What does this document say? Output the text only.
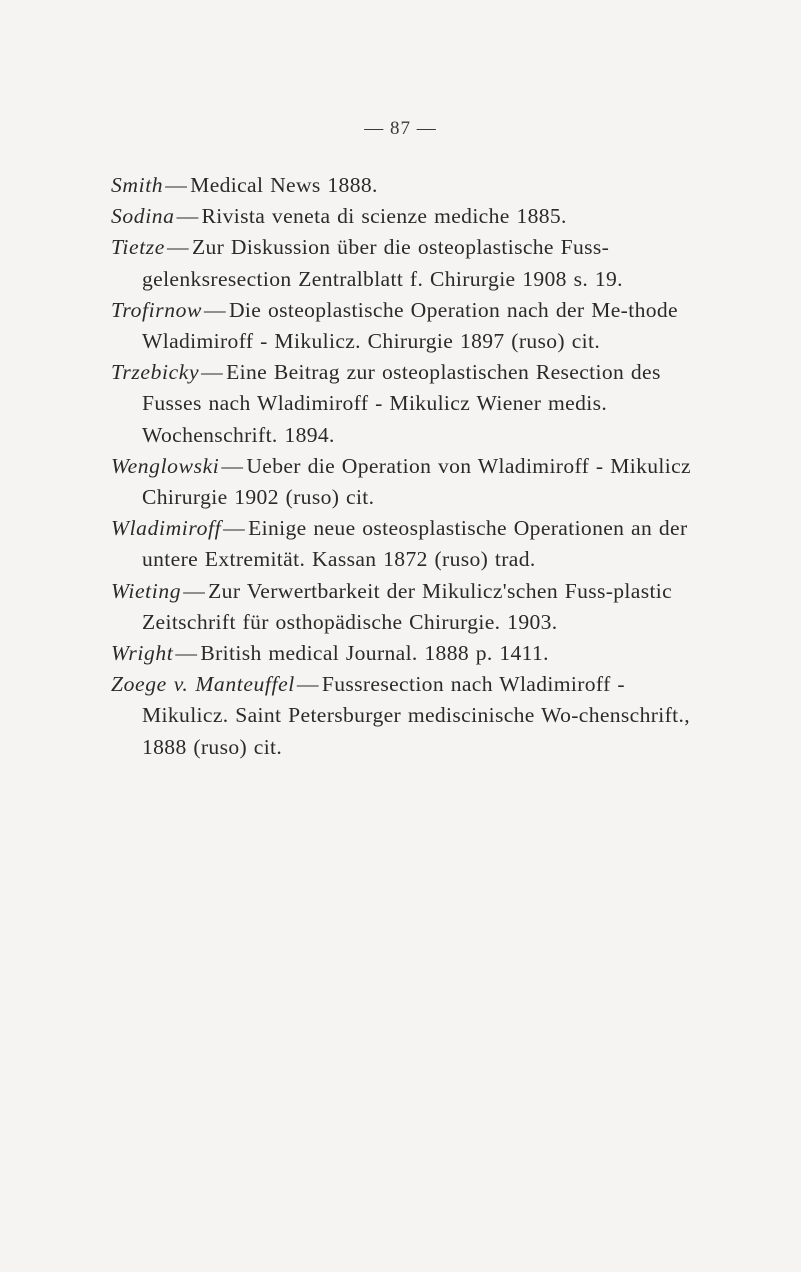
— 87 —
Smith— Medical News 1888.
Sodina— Rivista veneta di scienze mediche 1885.
Tietze— Zur Diskussion über die osteoplastische Fuss-gelenksresection Zentralblatt f. Chirurgie 1908 s. 19.
Trofirnow— Die osteoplastische Operation nach der Me-thode Wladimiroff - Mikulicz. Chirurgie 1897 (ruso) cit.
Trzebicky— Eine Beitrag zur osteoplastischen Resection des Fusses nach Wladimiroff - Mikulicz Wiener medis. Wochenschrift. 1894.
Wenglowski— Ueber die Operation von Wladimiroff - Mikulicz Chirurgie 1902 (ruso) cit.
Wladimiroff— Einige neue osteosplastische Operationen an der untere Extremität. Kassan 1872 (ruso) trad.
Wieting— Zur Verwertbarkeit der Mikulicz'schen Fuss-plastic Zeitschrift für osthopädische Chirurgie. 1903.
Wright— British medical Journal. 1888 p. 1411.
Zoege v. Manteuffel— Fussresection nach Wladimiroff - Mikulicz. Saint Petersburger mediscinische Wo-chenschrift., 1888 (ruso) cit.
